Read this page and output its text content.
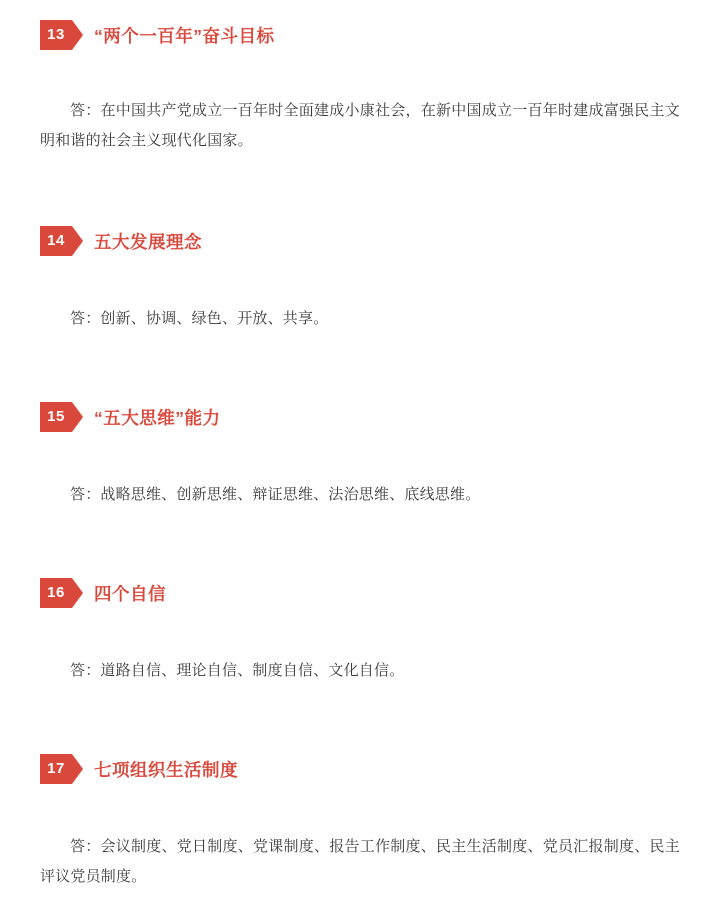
13	“两个一百年”奋斗目标

答：在中国共产党成立一百年时全面建成小康社会，在新中国成立一百年时建成富强民主文明和谐的社会主义现代化国家。

14	五大发展理念

答：创新、协调、绿色、开放、共享。

15	“五大思维”能力

答：战略思维、创新思维、辩证思维、法治思维、底线思维。

16	四个自信

答：道路自信、理论自信、制度自信、文化自信。

17	七项组织生活制度

答：会议制度、党日制度、党课制度、报告工作制度、民主生活制度、党员汇报制度、民主评议党员制度。
